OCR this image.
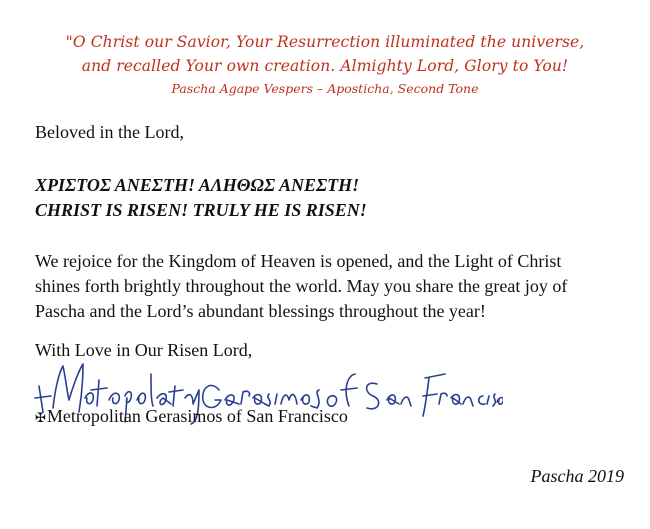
"O Christ our Savior, Your Resurrection illuminated the universe,
and recalled Your own creation. Almighty Lord, Glory to You!
Pascha Agape Vespers – Aposticha, Second Tone
Beloved in the Lord,
ΧΡΙΣΤΟΣ ΑΝΕΣΤΗ! ΑΛΗΘΩΣ ΑΝΕΣΤΗ!
CHRIST IS RISEN! TRULY HE IS RISEN!
We rejoice for the Kingdom of Heaven is opened, and the Light of Christ
shines forth brightly throughout the world. May you share the great joy of
Pascha and the Lord’s abundant blessings throughout the year!
With Love in Our Risen Lord,
✠Metropolitan Gerasimos of San Francisco
Pascha 2019
